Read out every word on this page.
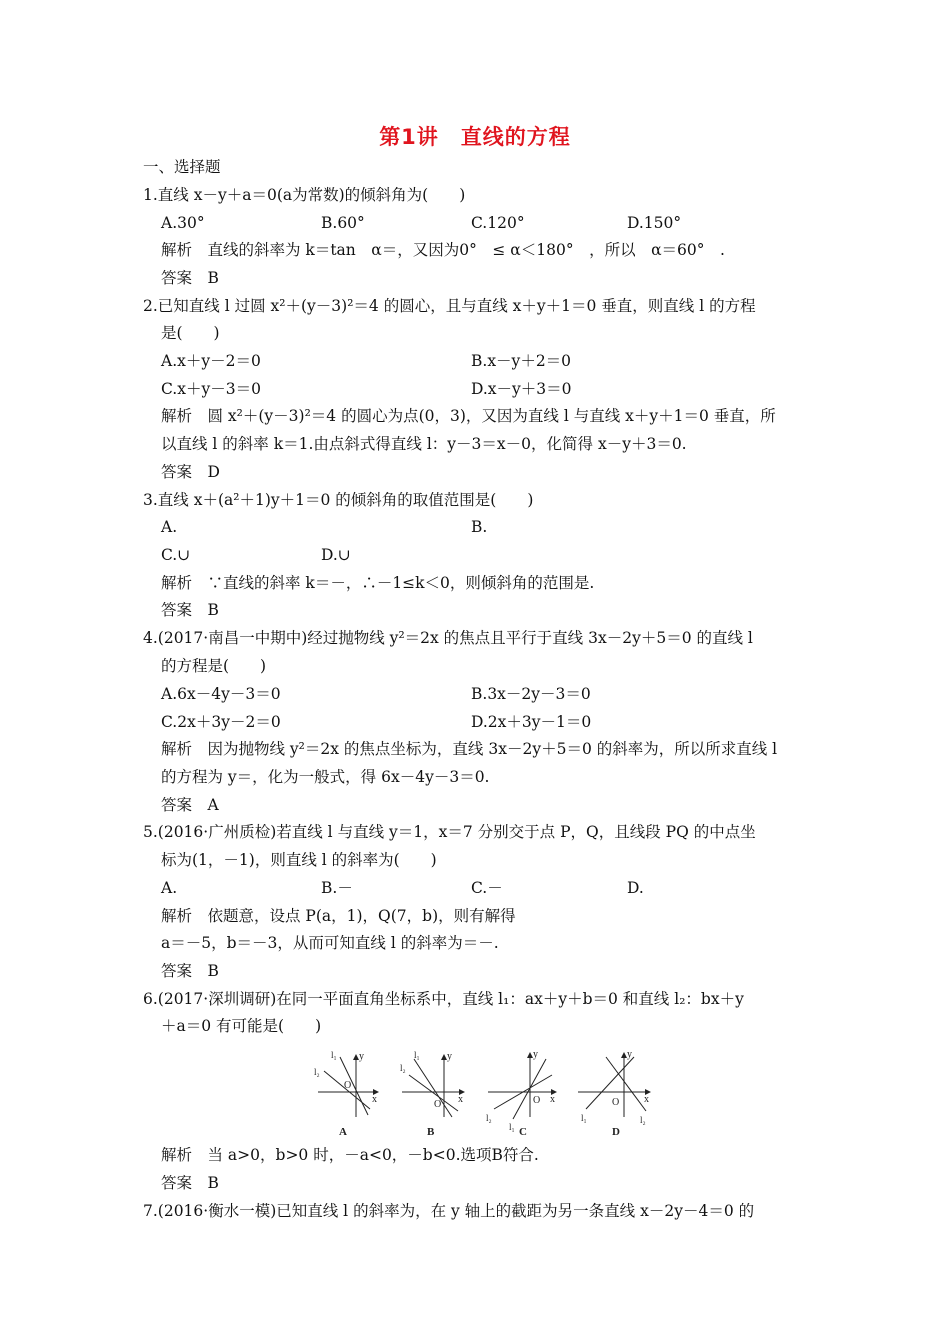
第1讲　直线的方程
一、选择题
1.直线 x－y＋a＝0(a为常数)的倾斜角为(　　)
A.30°	B.60°	C.120°	D.150°
解析　直线的斜率为 k＝tan　α＝，又因为0°　≤ α＜180°　，所以　α＝60°　.
答案　B
2.已知直线 l 过圆 x²＋(y－3)²＝4 的圆心，且与直线 x＋y＋1＝0 垂直，则直线 l 的方程
是(　　)
A.x＋y－2＝0	B.x－y＋2＝0
C.x＋y－3＝0	D.x－y＋3＝0
解析　圆 x²＋(y－3)²＝4 的圆心为点(0，3)，又因为直线 l 与直线 x＋y＋1＝0 垂直，所
以直线 l 的斜率 k＝1.由点斜式得直线 l：y－3＝x－0，化简得 x－y＋3＝0.
答案　D
3.直线 x＋(a²＋1)y＋1＝0 的倾斜角的取值范围是(　　)
A.	B.
C.∪	D.∪
解析　∵直线的斜率 k＝－，∴－1≤k＜0，则倾斜角的范围是.
答案　B
4.(2017·南昌一中期中)经过抛物线 y²＝2x 的焦点且平行于直线 3x－2y＋5＝0 的直线 l
的方程是(　　)
A.6x－4y－3＝0	B.3x－2y－3＝0
C.2x＋3y－2＝0	D.2x＋3y－1＝0
解析　因为抛物线 y²＝2x 的焦点坐标为，直线 3x－2y＋5＝0 的斜率为，所以所求直线 l
的方程为 y＝，化为一般式，得 6x－4y－3＝0.
答案　A
5.(2016·广州质检)若直线 l 与直线 y＝1，x＝7 分别交于点 P，Q，且线段 PQ 的中点坐
标为(1，－1)，则直线 l 的斜率为(　　)
A.	B.－	C.－	D.
解析　依题意，设点 P(a，1)，Q(7，b)，则有解得
a＝－5，b＝－3，从而可知直线 l 的斜率为＝－.
答案　B
6.(2017·深圳调研)在同一平面直角坐标系中，直线 l₁：ax＋y＋b＝0 和直线 l₂：bx＋y
＋a＝0 有可能是(　　)
y
x
O
l₁
l₂
A
y
x
O
l₁
l₂
B
y
x
O
l₁
l₂
C
y
x
O
l₁	l₂
D
解析　当 a>0，b>0 时，－a<0，－b<0.选项B符合.
答案　B
7.(2016·衡水一模)已知直线 l 的斜率为，在 y 轴上的截距为另一条直线 x－2y－4＝0 的
